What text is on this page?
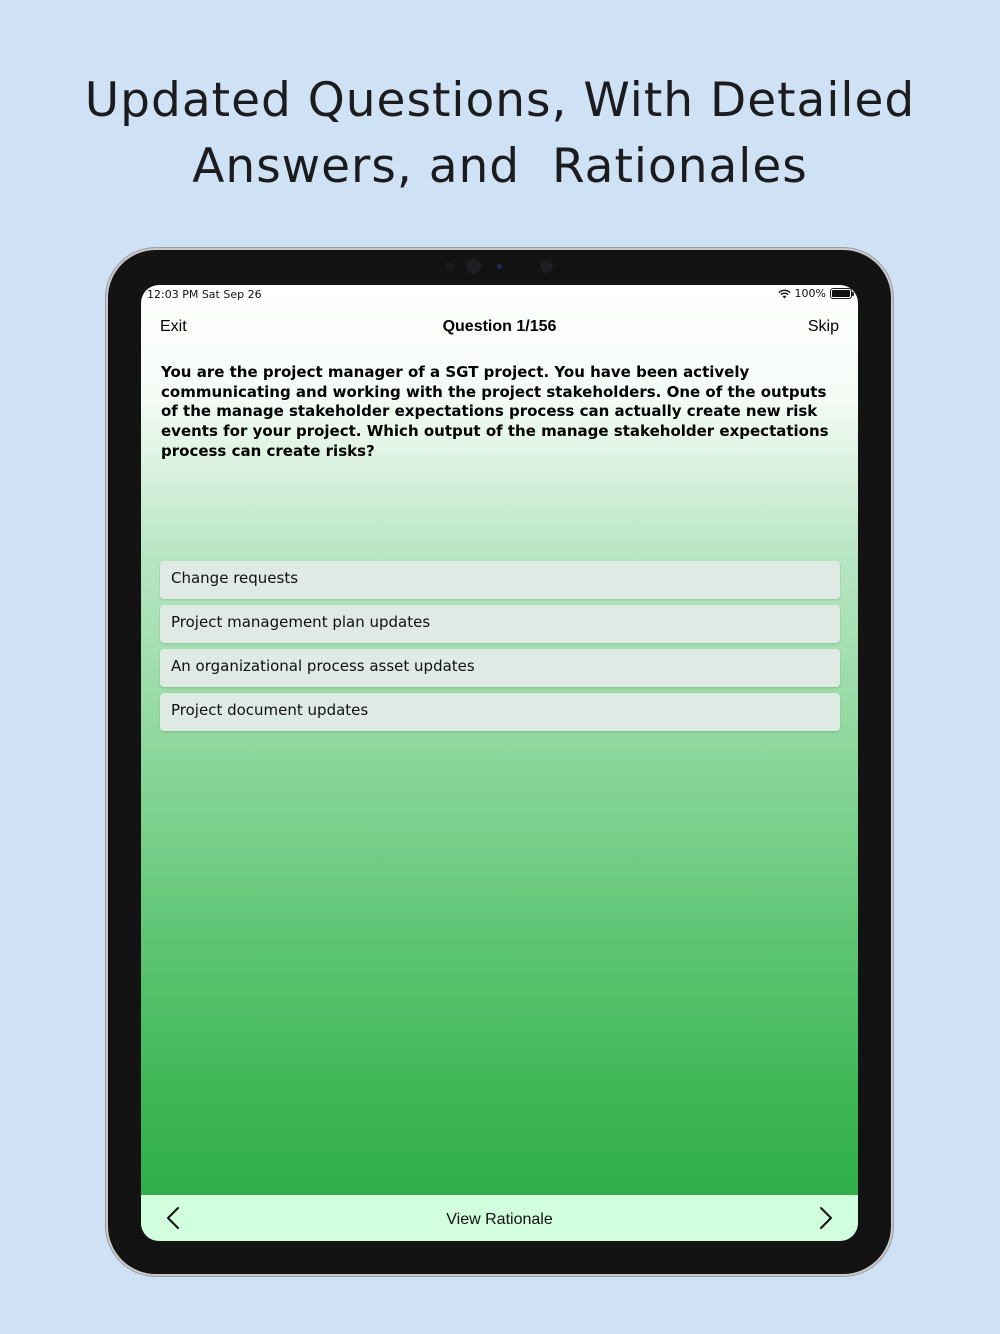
Updated Questions, With Detailed
Answers, and  Rationales
12:03 PM Sat Sep 26	100%
Exit	Question 1/156	Skip
You are the project manager of a SGT project. You have been actively communicating and working with the project stakeholders. One of the outputs of the manage stakeholder expectations process can actually create new risk events for your project. Which output of the manage stakeholder expectations process can create risks?
Change requests
Project management plan updates
An organizational process asset updates
Project document updates
View Rationale
